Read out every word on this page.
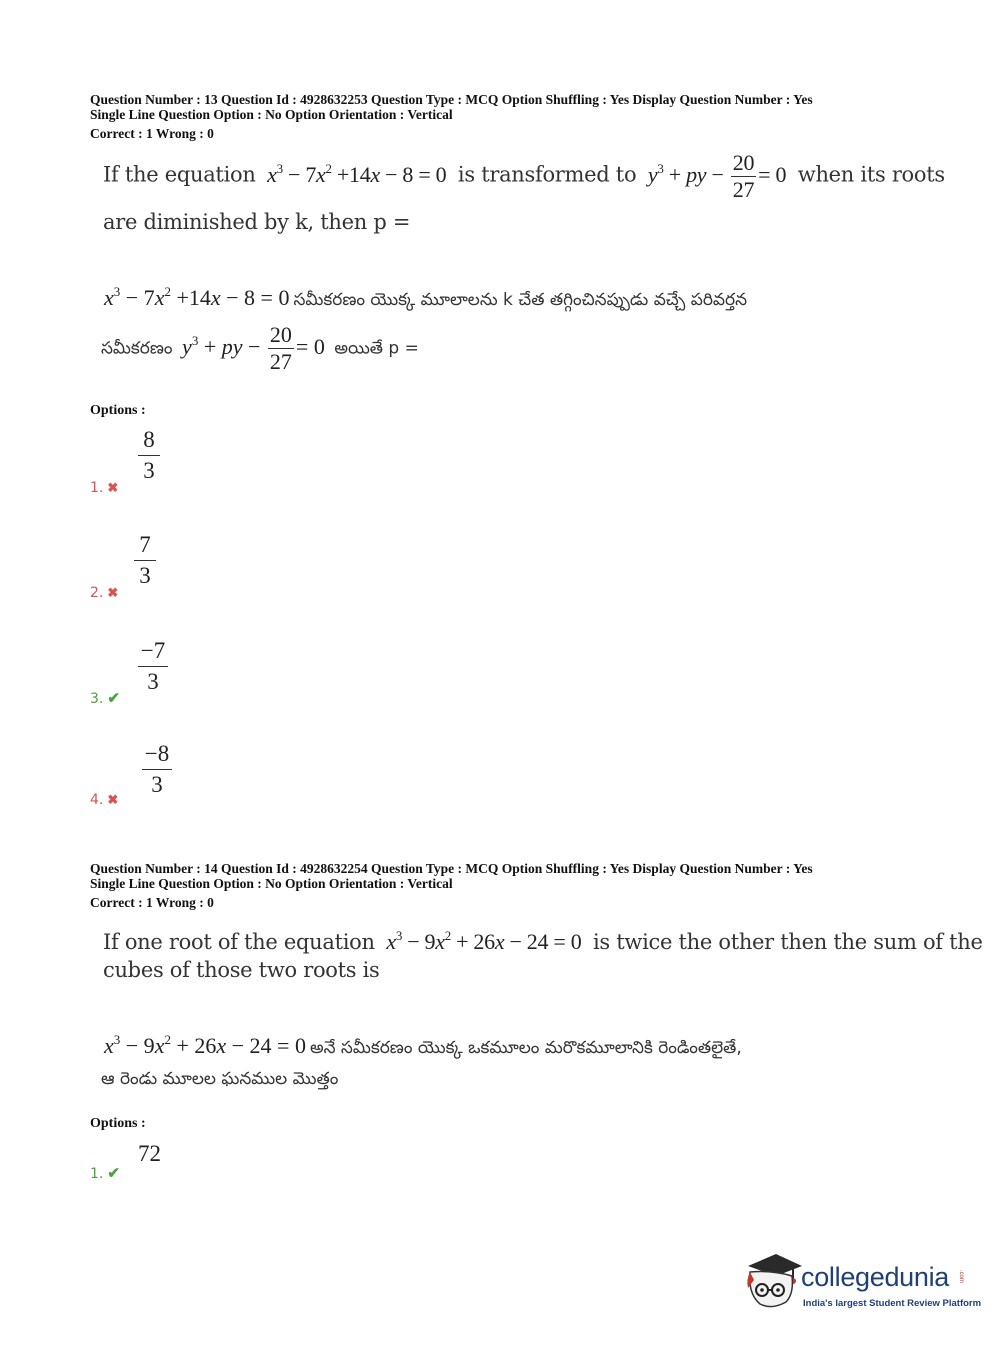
Question Number : 13 Question Id : 4928632253 Question Type : MCQ Option Shuffling : Yes Display Question Number : Yes
Single Line Question Option : No Option Orientation : Vertical
Correct : 1 Wrong : 0
If the equation $x^3 - 7x^2 +14x - 8 = 0$  is transformed to $y^3$ + py − $\frac{20}{27} = 0$  when its roots
are diminished by k, then p =
$x^3 - 7x^2 +14x - 8 = 0$ సమీకరణం యొక్క మూలాలను k చేత తగ్గించినప్పుడు వచ్చే పరివర్తన
సమీకరణం $y^3$ + py − $\frac{20}{27} = 0$  అయితే p =
Options :
8
3
1. ✖
7
3
2. ✖
−7
3
3. ✔
−8
3
4. ✖
Question Number : 14 Question Id : 4928632254 Question Type : MCQ Option Shuffling : Yes Display Question Number : Yes
Single Line Question Option : No Option Orientation : Vertical
Correct : 1 Wrong : 0
If one root of the equation $x^3 - 9x^2 + 26x - 24 = 0$  is twice the other then the sum of the
cubes of those two roots is
$x^3 - 9x^2 + 26x - 24 = 0$ అనే సమీకరణం యొక్క ఒకమూలం మరొకమూలానికి రెండింతలైతే,
ఆ రెండు మూలల ఘనముల మొత్తం
Options :
72
1. ✔
collegedunia .com
India's largest Student Review Platform
